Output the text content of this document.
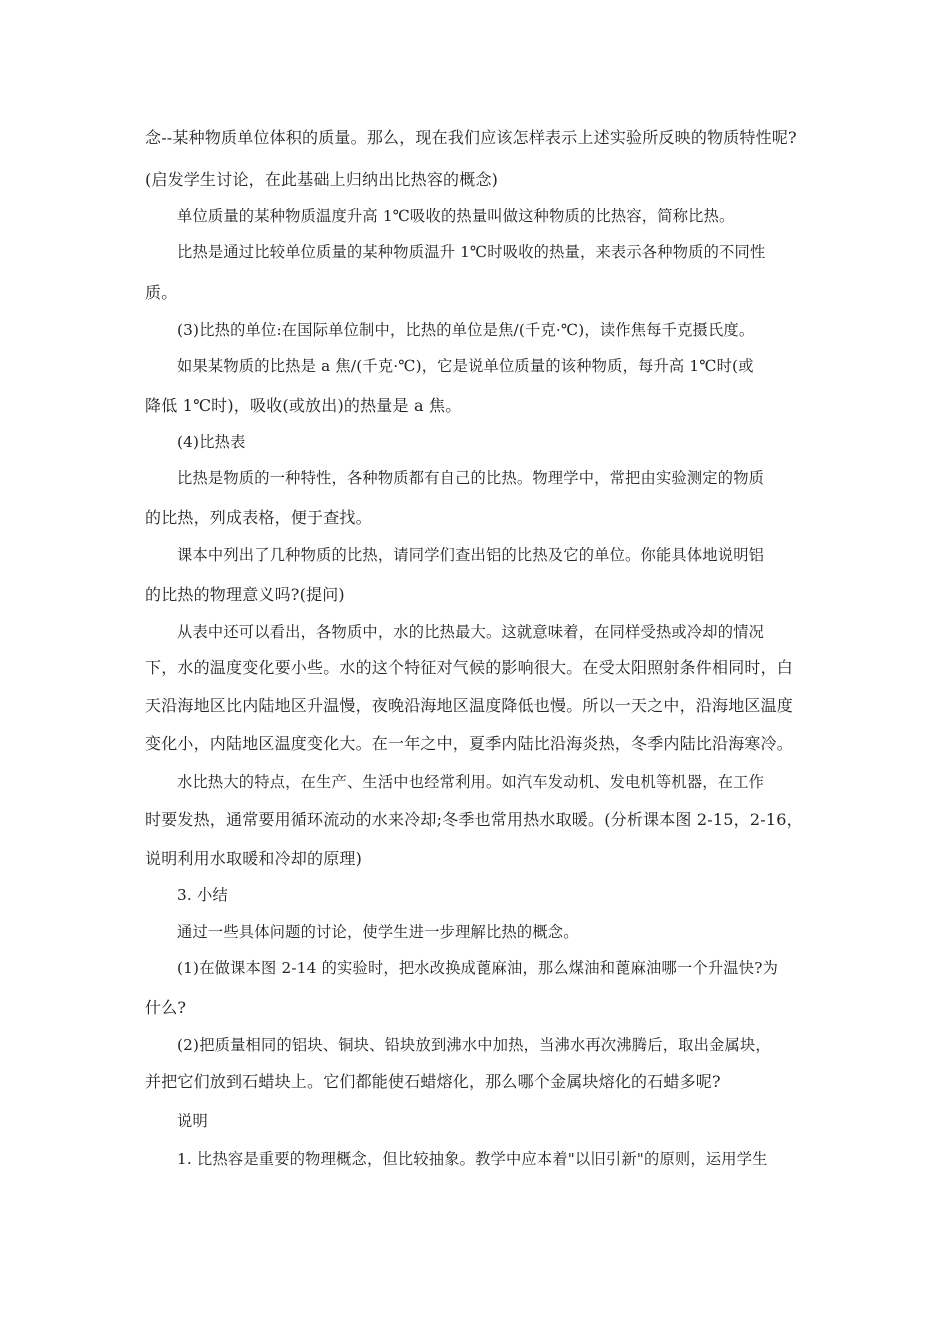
念--某种物质单位体积的质量。那么，现在我们应该怎样表示上述实验所反映的物质特性呢?
(启发学生讨论，在此基础上归纳出比热容的概念)
单位质量的某种物质温度升高 1℃吸收的热量叫做这种物质的比热容，简称比热。
比热是通过比较单位质量的某种物质温升 1℃时吸收的热量，来表示各种物质的不同性
质。
(3)比热的单位:在国际单位制中，比热的单位是焦/(千克·℃)，读作焦每千克摄氏度。
如果某物质的比热是 a 焦/(千克·℃)，它是说单位质量的该种物质，每升高 1℃时(或
降低 1℃时)，吸收(或放出)的热量是 a 焦。
(4)比热表
比热是物质的一种特性，各种物质都有自己的比热。物理学中，常把由实验测定的物质
的比热，列成表格，便于查找。
课本中列出了几种物质的比热，请同学们查出铝的比热及它的单位。你能具体地说明铝
的比热的物理意义吗?(提问)
从表中还可以看出，各物质中，水的比热最大。这就意味着，在同样受热或冷却的情况
下，水的温度变化要小些。水的这个特征对气候的影响很大。在受太阳照射条件相同时，白
天沿海地区比内陆地区升温慢，夜晚沿海地区温度降低也慢。所以一天之中，沿海地区温度
变化小，内陆地区温度变化大。在一年之中，夏季内陆比沿海炎热，冬季内陆比沿海寒冷。
水比热大的特点，在生产、生活中也经常利用。如汽车发动机、发电机等机器，在工作
时要发热，通常要用循环流动的水来冷却;冬季也常用热水取暖。(分析课本图 2-15，2-16，
说明利用水取暖和冷却的原理)
3. 小结
通过一些具体问题的讨论，使学生进一步理解比热的概念。
(1)在做课本图 2-14 的实验时，把水改换成蓖麻油，那么煤油和蓖麻油哪一个升温快?为
什么?
(2)把质量相同的铝块、铜块、铅块放到沸水中加热，当沸水再次沸腾后，取出金属块，
并把它们放到石蜡块上。它们都能使石蜡熔化，那么哪个金属块熔化的石蜡多呢?
说明
1. 比热容是重要的物理概念，但比较抽象。教学中应本着"以旧引新"的原则，运用学生
